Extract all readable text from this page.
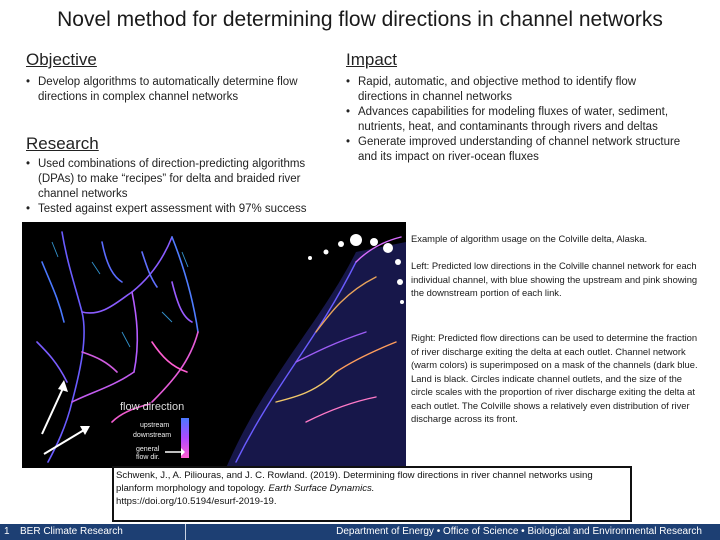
Novel method for determining flow directions in channel networks
Objective
• Develop algorithms to automatically determine flow directions in complex channel networks
Research
• Used combinations of direction-predicting algorithms (DPAs) to make “recipes” for delta and braided river channel networks
• Tested against expert assessment with 97% success
Impact
• Rapid, automatic, and objective method to identify flow directions in channel networks
• Advances capabilities for modeling fluxes of water, sediment, nutrients, heat, and contaminants through rivers and deltas
• Generate improved understanding of channel network structure and its impact on river-ocean fluxes
flow direction
upstream
downstream
general
flow dir.
Example of algorithm usage on the Colville delta, Alaska.
Left: Predicted low directions in the Colville channel network for each individual channel, with blue showing the upstream and pink showing the downstream portion of each link.
Right: Predicted flow directions can be used to determine the fraction of river discharge exiting the delta at each outlet. Channel network (warm colors) is superimposed on a mask of the channels (dark blue. Land is black. Circles indicate channel outlets, and the size of the circle scales with the proportion of river discharge exiting the delta at each outlet. The Colville shows a relatively even distribution of river discharge across its front.
Schwenk, J., A. Piliouras, and J. C. Rowland. (2019). Determining flow directions in river channel networks using planform morphology and topology. Earth Surface Dynamics.
https://doi.org/10.5194/esurf-2019-19.
1 BER Climate Research	Department of Energy • Office of Science • Biological and Environmental Research
